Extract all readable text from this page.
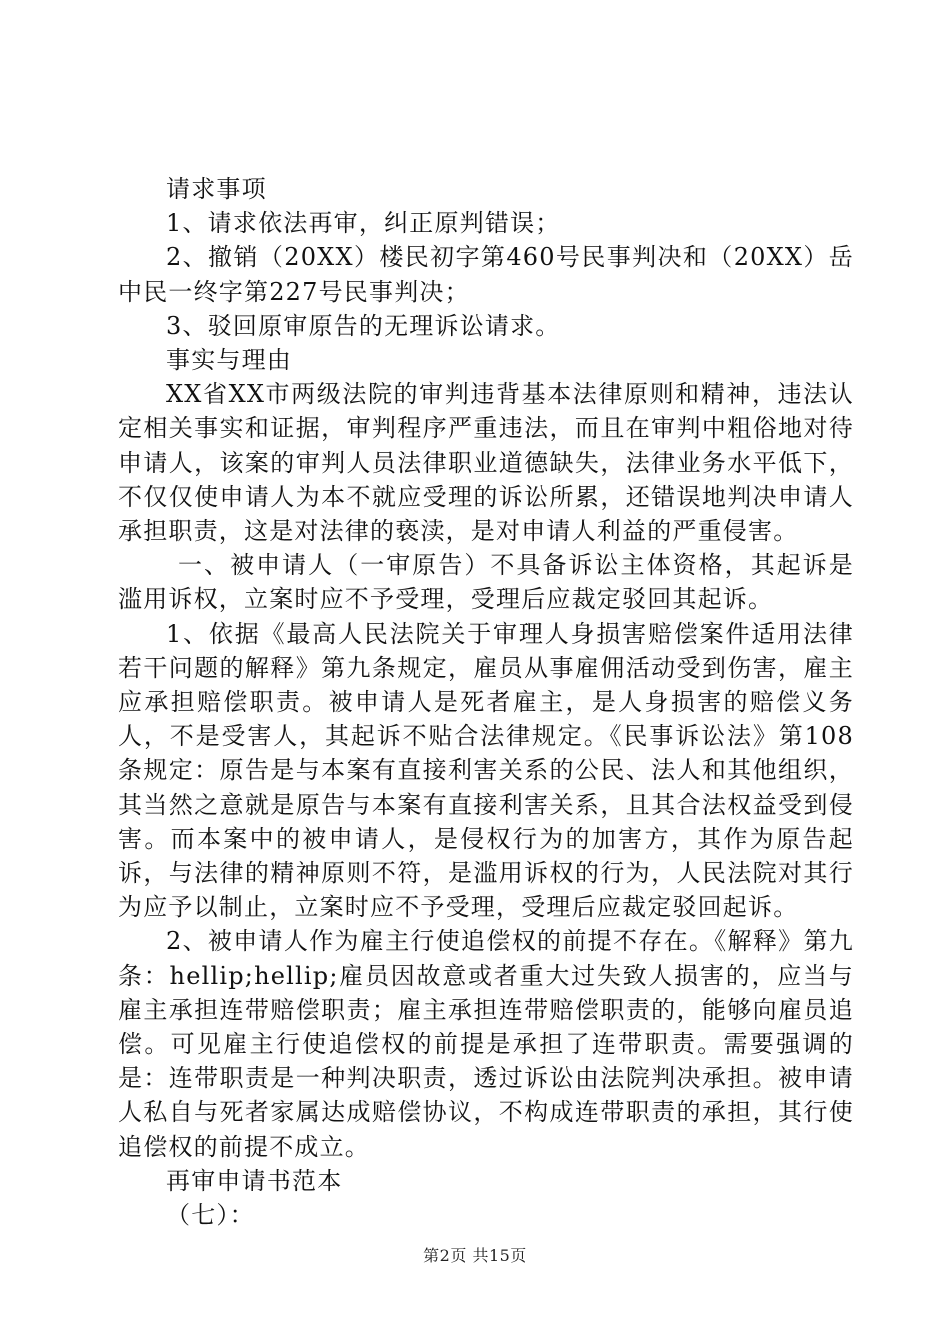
请求事项

1、请求依法再审，纠正原判错误；

2、撤销（20XX）楼民初字第460号民事判决和（20XX）岳中民一终字第227号民事判决；

3、驳回原审原告的无理诉讼请求。

事实与理由

XX省XX市两级法院的审判违背基本法律原则和精神，违法认定相关事实和证据，审判程序严重违法，而且在审判中粗俗地对待申请人，该案的审判人员法律职业道德缺失，法律业务水平低下，不仅仅使申请人为本不就应受理的诉讼所累，还错误地判决申请人承担职责，这是对法律的亵渎，是对申请人利益的严重侵害。

一、被申请人（一审原告）不具备诉讼主体资格，其起诉是滥用诉权，立案时应不予受理，受理后应裁定驳回其起诉。

1、依据《最高人民法院关于审理人身损害赔偿案件适用法律若干问题的解释》第九条规定，雇员从事雇佣活动受到伤害，雇主应承担赔偿职责。被申请人是死者雇主，是人身损害的赔偿义务人，不是受害人，其起诉不贴合法律规定。《民事诉讼法》第108条规定：原告是与本案有直接利害关系的公民、法人和其他组织，其当然之意就是原告与本案有直接利害关系，且其合法权益受到侵害。而本案中的被申请人，是侵权行为的加害方，其作为原告起诉，与法律的精神原则不符，是滥用诉权的行为，人民法院对其行为应予以制止，立案时应不予受理，受理后应裁定驳回起诉。

2、被申请人作为雇主行使追偿权的前提不存在。《解释》第九条：hellip;hellip;雇员因故意或者重大过失致人损害的，应当与雇主承担连带赔偿职责；雇主承担连带赔偿职责的，能够向雇员追偿。可见雇主行使追偿权的前提是承担了连带职责。需要强调的是：连带职责是一种判决职责，透过诉讼由法院判决承担。被申请人私自与死者家属达成赔偿协议，不构成连带职责的承担，其行使追偿权的前提不成立。

再审申请书范本

（七）：

第2页 共15页
